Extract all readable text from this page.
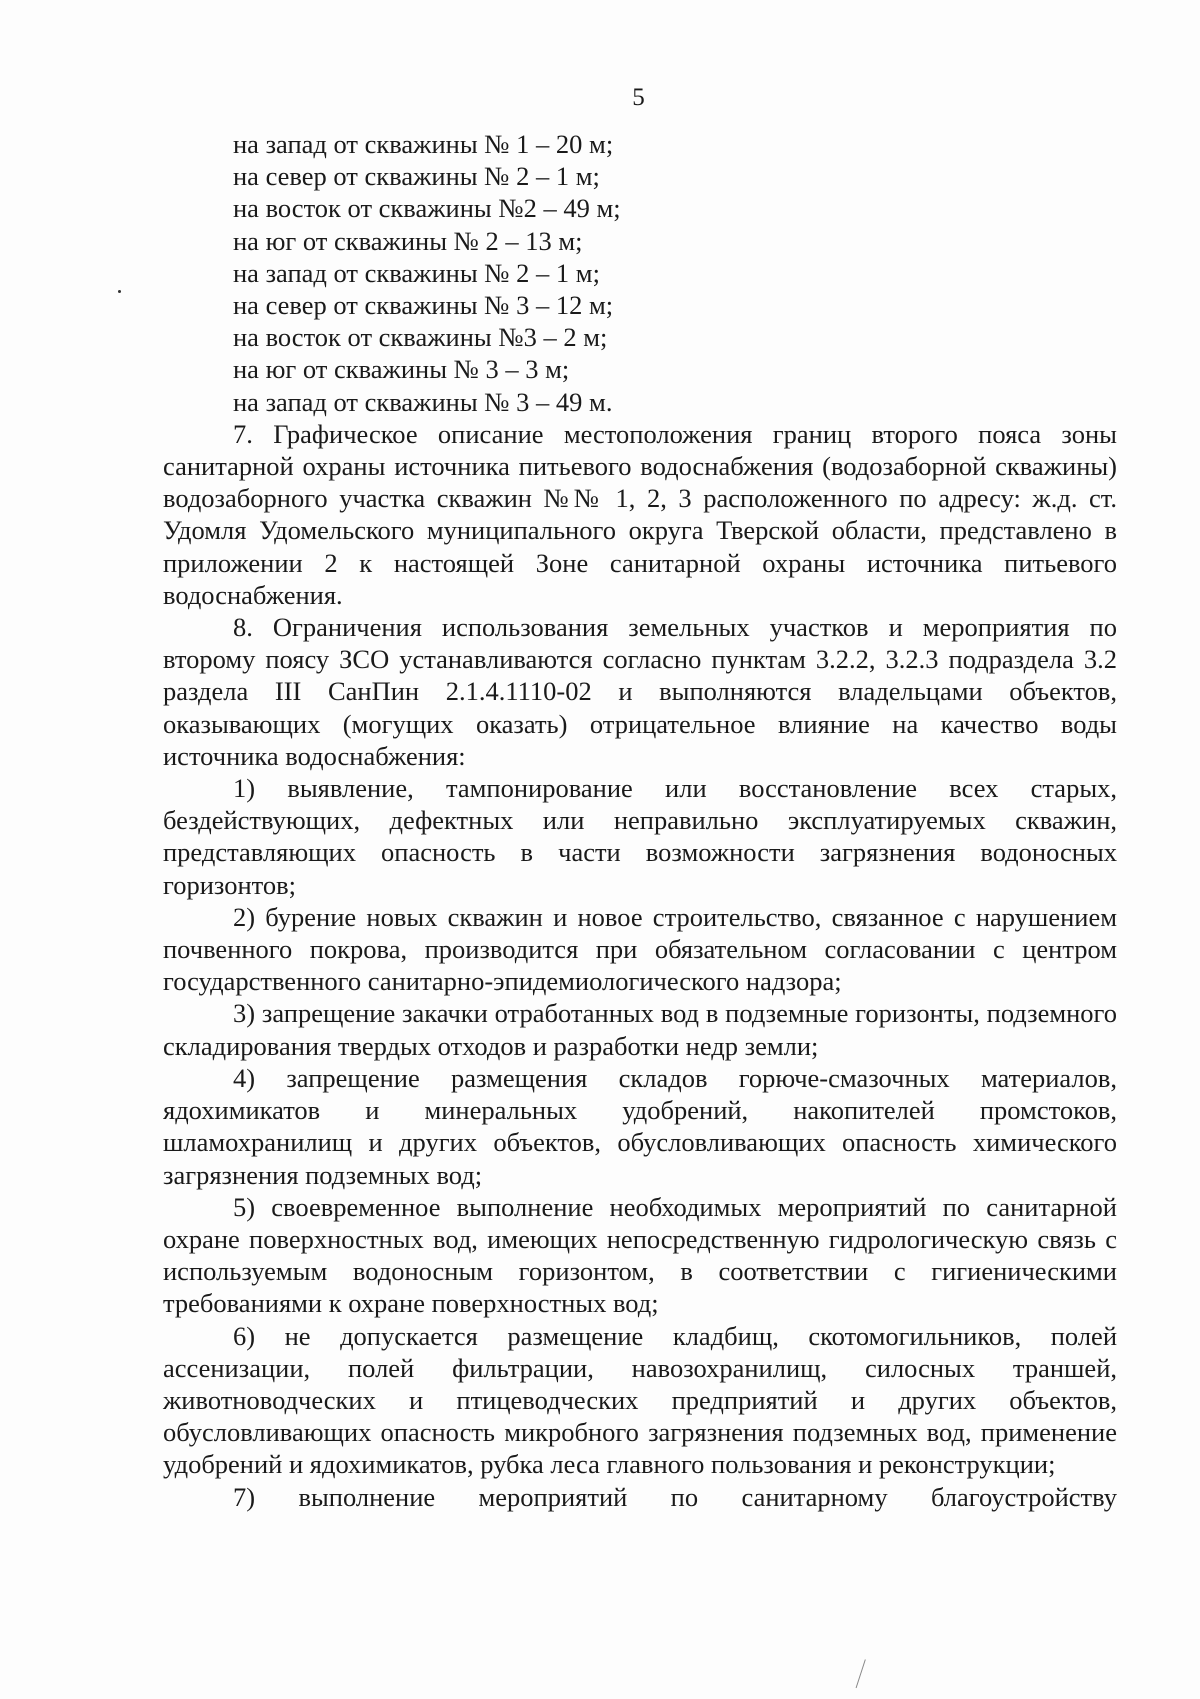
5

на запад от скважины № 1 – 20 м;

на север от скважины № 2 – 1 м;

на восток от скважины №2 – 49 м;

на юг от скважины № 2 – 13 м;

на запад от скважины № 2 – 1 м;

на север от скважины № 3 – 12 м;

на восток от скважины №3 – 2 м;

на юг от скважины № 3 – 3 м;

на запад от скважины № 3 – 49 м.

7. Графическое описание местоположения границ второго пояса зоны санитарной охраны источника питьевого водоснабжения (водозаборной скважины) водозаборного участка скважин №№ 1, 2, 3 расположенного по адресу: ж.д. ст. Удомля Удомельского муниципального округа Тверской области, представлено в приложении 2 к настоящей Зоне санитарной охраны источника питьевого водоснабжения.

8. Ограничения использования земельных участков и мероприятия по второму поясу ЗСО устанавливаются согласно пунктам 3.2.2, 3.2.3 подраздела 3.2 раздела III СанПин 2.1.4.1110-02 и выполняются владельцами объектов, оказывающих (могущих оказать) отрицательное влияние на качество воды источника водоснабжения:

1) выявление, тампонирование или восстановление всех старых, бездействующих, дефектных или неправильно эксплуатируемых скважин, представляющих опасность в части возможности загрязнения водоносных горизонтов;

2) бурение новых скважин и новое строительство, связанное с нарушением почвенного покрова, производится при обязательном согласовании с центром государственного санитарно-эпидемиологического надзора;

3) запрещение закачки отработанных вод в подземные горизонты, подземного складирования твердых отходов и разработки недр земли;

4) запрещение размещения складов горюче-смазочных материалов, ядохимикатов и минеральных удобрений, накопителей промстоков, шламохранилищ и других объектов, обусловливающих опасность химического загрязнения подземных вод;

5) своевременное выполнение необходимых мероприятий по санитарной охране поверхностных вод, имеющих непосредственную гидрологическую связь с используемым водоносным горизонтом, в соответствии с гигиеническими требованиями к охране поверхностных вод;

6) не допускается размещение кладбищ, скотомогильников, полей ассенизации, полей фильтрации, навозохранилищ, силосных траншей, животноводческих и птицеводческих предприятий и других объектов, обусловливающих опасность микробного загрязнения подземных вод, применение удобрений и ядохимикатов, рубка леса главного пользования и реконструкции;

7) выполнение мероприятий по санитарному благоустройству
